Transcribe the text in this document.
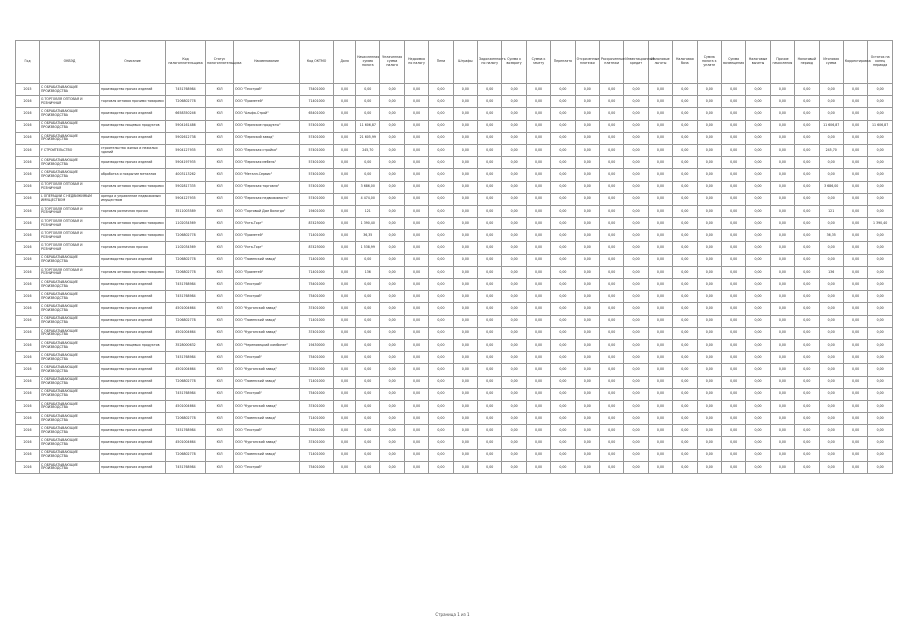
Год	ОКВЭД	Описание	Код налогоплательщика	Статус налогоплательщика	Наименование	Код ОКТМО	Доля	Начисленная сумма налога	Уплаченная сумма налога	Недоимка по налогу	Пени	Штрафы	Задолженность по налогу	Сумма к возврату	Сумма к зачету	Переплата	Отсроченные платежи	Рассроченные платежи	Инвестиционный кредит	Налоговые льготы	Налоговая база	Сумма налога к уплате	Сумма возмещения	Налоговые вычеты	Прочие начисления	Налоговый период	Итоговая сумма	Корректировка	Остаток на конец периода
2015	С ОБРАБАТЫВАЮЩИЕ ПРОИЗВОДСТВА	производство прочих изделий	7451768984	ЮЛ	ООО "Техстрой"	75401000	0,00	0,00	0,00	0,00	0,00	0,00	0,00	0,00	0,00	0,00	0,00	0,00	0,00	0,00	0,00	0,00	0,00	0,00	0,00	0,00	0,00	0,00	0,00
2016	G ТОРГОВЛЯ ОПТОВАЯ И РОЗНИЧНАЯ	торговля оптовая прочими товарами	7206802778	ЮЛ	ООО "Прометей"	71401000	0,00	0,00	0,00	0,00	0,00	0,00	0,00	0,00	0,00	0,00	0,00	0,00	0,00	0,00	0,00	0,00	0,00	0,00	0,00	0,00	0,00	0,00	0,00
2016	С ОБРАБАТЫВАЮЩИЕ ПРОИЗВОДСТВА	производство прочих изделий	6658350246	ЮЛ	ООО "Альфа-Строй"	65401000	0,00	0,00	0,00	0,00	0,00	0,00	0,00	0,00	0,00	0,00	0,00	0,00	0,00	0,00	0,00	0,00	0,00	0,00	0,00	0,00	0,00	0,00	0,00
2016	С ОБРАБАТЫВАЮЩИЕ ПРОИЗВОДСТВА	производство пищевых продуктов	5904161486	ЮЛ	ООО "Пермские продукты"	57401000	0,00	11 606,87	0,00	0,00	0,00	0,00	0,00	0,00	0,00	0,00	0,00	0,00	0,00	0,00	0,00	0,00	0,00	0,00	0,00	0,00	11 606,87	0,00	11 606,87
2016	С ОБРАБАТЫВАЮЩИЕ ПРОИЗВОДСТВА	производство прочих изделий	5902612738	ЮЛ	ООО "Пермский завод"	57401000	0,00	21 605,99	0,00	0,00	0,00	0,00	0,00	0,00	0,00	0,00	0,00	0,00	0,00	0,00	0,00	0,00	0,00	0,00	0,00	0,00	0,00	0,00	0,00
2016	F СТРОИТЕЛЬСТВО	строительство жилых и нежилых зданий	5904127935	ЮЛ	ООО "Пермская стройка"	57401000	0,00	245,70	0,00	0,00	0,00	0,00	0,00	0,00	0,00	0,00	0,00	0,00	0,00	0,00	0,00	0,00	0,00	0,00	0,00	0,00	245,70	0,00	0,00
2016	С ОБРАБАТЫВАЮЩИЕ ПРОИЗВОДСТВА	производство прочих изделий	5904197935	ЮЛ	ООО "Пермская мебель"	57401000	0,00	0,00	0,00	0,00	0,00	0,00	0,00	0,00	0,00	0,00	0,00	0,00	0,00	0,00	0,00	0,00	0,00	0,00	0,00	0,00	0,00	0,00	0,00
2016	С ОБРАБАТЫВАЮЩИЕ ПРОИЗВОДСТВА	обработка и покрытие металлов	4003113262	ЮЛ	ООО "Металл-Сервис"	57401000	0,00	0,00	0,00	0,00	0,00	0,00	0,00	0,00	0,00	0,00	0,00	0,00	0,00	0,00	0,00	0,00	0,00	0,00	0,00	0,00	0,00	0,00	0,00
2016	G ТОРГОВЛЯ ОПТОВАЯ И РОЗНИЧНАЯ	торговля оптовая прочими товарами	5902817335	ЮЛ	ООО "Пермская торговля"	57401000	0,00	3 686,00	0,00	0,00	0,00	0,00	0,00	0,00	0,00	0,00	0,00	0,00	0,00	0,00	0,00	0,00	0,00	0,00	0,00	0,00	3 686,00	0,00	0,00
2016	L ОПЕРАЦИИ С НЕДВИЖИМЫМ ИМУЩЕСТВОМ	аренда и управление недвижимым имуществом	5904127935	ЮЛ	ООО "Пермская недвижимость"	57401000	0,00	4 474,00	0,00	0,00	0,00	0,00	0,00	0,00	0,00	0,00	0,00	0,00	0,00	0,00	0,00	0,00	0,00	0,00	0,00	0,00	0,00	0,00	0,00
2016	G ТОРГОВЛЯ ОПТОВАЯ И РОЗНИЧНАЯ	торговля розничная прочая	3511003589	ЮЛ	ООО "Торговый Дом Вологда"	19401000	0,00	121	0,00	0,00	0,00	0,00	0,00	0,00	0,00	0,00	0,00	0,00	0,00	0,00	0,00	0,00	0,00	0,00	0,00	0,00	121	0,00	0,00
2016	G ТОРГОВЛЯ ОПТОВАЯ И РОЗНИЧНАЯ	торговля оптовая прочими товарами	1102034569	ЮЛ	ООО "Ухта-Торг"	87425000	0,00	1 390,40	0,00	0,00	0,00	0,00	0,00	0,00	0,00	0,00	0,00	0,00	0,00	0,00	0,00	0,00	0,00	0,00	0,00	0,00	0,00	0,00	1 390,40
2016	G ТОРГОВЛЯ ОПТОВАЯ И РОЗНИЧНАЯ	торговля оптовая прочими товарами	7206802778	ЮЛ	ООО "Прометей"	71401000	0,00	36,35	0,00	0,00	0,00	0,00	0,00	0,00	0,00	0,00	0,00	0,00	0,00	0,00	0,00	0,00	0,00	0,00	0,00	0,00	36,35	0,00	0,00
2016	G ТОРГОВЛЯ ОПТОВАЯ И РОЗНИЧНАЯ	торговля розничная прочая	1102034569	ЮЛ	ООО "Ухта-Торг"	87425000	0,00	1 538,99	0,00	0,00	0,00	0,00	0,00	0,00	0,00	0,00	0,00	0,00	0,00	0,00	0,00	0,00	0,00	0,00	0,00	0,00	0,00	0,00	0,00
2016	С ОБРАБАТЫВАЮЩИЕ ПРОИЗВОДСТВА	производство прочих изделий	7206802778	ЮЛ	ООО "Тюменский завод"	71401000	0,00	0,00	0,00	0,00	0,00	0,00	0,00	0,00	0,00	0,00	0,00	0,00	0,00	0,00	0,00	0,00	0,00	0,00	0,00	0,00	0,00	0,00	0,00
2016	G ТОРГОВЛЯ ОПТОВАЯ И РОЗНИЧНАЯ	торговля оптовая прочими товарами	7206802778	ЮЛ	ООО "Прометей"	71401000	0,00	136	0,00	0,00	0,00	0,00	0,00	0,00	0,00	0,00	0,00	0,00	0,00	0,00	0,00	0,00	0,00	0,00	0,00	0,00	136	0,00	0,00
2016	С ОБРАБАТЫВАЮЩИЕ ПРОИЗВОДСТВА	производство прочих изделий	7451768984	ЮЛ	ООО "Техстрой"	75401000	0,00	0,00	0,00	0,00	0,00	0,00	0,00	0,00	0,00	0,00	0,00	0,00	0,00	0,00	0,00	0,00	0,00	0,00	0,00	0,00	0,00	0,00	0,00
2016	С ОБРАБАТЫВАЮЩИЕ ПРОИЗВОДСТВА	производство прочих изделий	7451768984	ЮЛ	ООО "Техстрой"	75401000	0,00	0,00	0,00	0,00	0,00	0,00	0,00	0,00	0,00	0,00	0,00	0,00	0,00	0,00	0,00	0,00	0,00	0,00	0,00	0,00	0,00	0,00	0,00
2016	С ОБРАБАТЫВАЮЩИЕ ПРОИЗВОДСТВА	производство прочих изделий	4501004664	ЮЛ	ООО "Курганский завод"	37401000	0,00	0,00	0,00	0,00	0,00	0,00	0,00	0,00	0,00	0,00	0,00	0,00	0,00	0,00	0,00	0,00	0,00	0,00	0,00	0,00	0,00	0,00	0,00
2016	С ОБРАБАТЫВАЮЩИЕ ПРОИЗВОДСТВА	производство прочих изделий	7206802778	ЮЛ	ООО "Тюменский завод"	71401000	0,00	0,00	0,00	0,00	0,00	0,00	0,00	0,00	0,00	0,00	0,00	0,00	0,00	0,00	0,00	0,00	0,00	0,00	0,00	0,00	0,00	0,00	0,00
2016	С ОБРАБАТЫВАЮЩИЕ ПРОИЗВОДСТВА	производство прочих изделий	4501004664	ЮЛ	ООО "Курганский завод"	37401000	0,00	0,00	0,00	0,00	0,00	0,00	0,00	0,00	0,00	0,00	0,00	0,00	0,00	0,00	0,00	0,00	0,00	0,00	0,00	0,00	0,00	0,00	0,00
2016	С ОБРАБАТЫВАЮЩИЕ ПРОИЗВОДСТВА	производство пищевых продуктов	3528000632	ЮЛ	ООО "Череповецкий комбинат"	19430000	0,00	0,00	0,00	0,00	0,00	0,00	0,00	0,00	0,00	0,00	0,00	0,00	0,00	0,00	0,00	0,00	0,00	0,00	0,00	0,00	0,00	0,00	0,00
2016	С ОБРАБАТЫВАЮЩИЕ ПРОИЗВОДСТВА	производство прочих изделий	7451768984	ЮЛ	ООО "Техстрой"	75401000	0,00	0,00	0,00	0,00	0,00	0,00	0,00	0,00	0,00	0,00	0,00	0,00	0,00	0,00	0,00	0,00	0,00	0,00	0,00	0,00	0,00	0,00	0,00
2016	С ОБРАБАТЫВАЮЩИЕ ПРОИЗВОДСТВА	производство прочих изделий	4501004664	ЮЛ	ООО "Курганский завод"	37401000	0,00	0,00	0,00	0,00	0,00	0,00	0,00	0,00	0,00	0,00	0,00	0,00	0,00	0,00	0,00	0,00	0,00	0,00	0,00	0,00	0,00	0,00	0,00
2016	С ОБРАБАТЫВАЮЩИЕ ПРОИЗВОДСТВА	производство прочих изделий	7206802778	ЮЛ	ООО "Тюменский завод"	71401000	0,00	0,00	0,00	0,00	0,00	0,00	0,00	0,00	0,00	0,00	0,00	0,00	0,00	0,00	0,00	0,00	0,00	0,00	0,00	0,00	0,00	0,00	0,00
2016	С ОБРАБАТЫВАЮЩИЕ ПРОИЗВОДСТВА	производство прочих изделий	7451768984	ЮЛ	ООО "Техстрой"	75401000	0,00	0,00	0,00	0,00	0,00	0,00	0,00	0,00	0,00	0,00	0,00	0,00	0,00	0,00	0,00	0,00	0,00	0,00	0,00	0,00	0,00	0,00	0,00
2016	С ОБРАБАТЫВАЮЩИЕ ПРОИЗВОДСТВА	производство прочих изделий	4501004664	ЮЛ	ООО "Курганский завод"	37401000	0,00	0,00	0,00	0,00	0,00	0,00	0,00	0,00	0,00	0,00	0,00	0,00	0,00	0,00	0,00	0,00	0,00	0,00	0,00	0,00	0,00	0,00	0,00
2016	С ОБРАБАТЫВАЮЩИЕ ПРОИЗВОДСТВА	производство прочих изделий	7206802778	ЮЛ	ООО "Тюменский завод"	71401000	0,00	0,00	0,00	0,00	0,00	0,00	0,00	0,00	0,00	0,00	0,00	0,00	0,00	0,00	0,00	0,00	0,00	0,00	0,00	0,00	0,00	0,00	0,00
2016	С ОБРАБАТЫВАЮЩИЕ ПРОИЗВОДСТВА	производство прочих изделий	7451768984	ЮЛ	ООО "Техстрой"	75401000	0,00	0,00	0,00	0,00	0,00	0,00	0,00	0,00	0,00	0,00	0,00	0,00	0,00	0,00	0,00	0,00	0,00	0,00	0,00	0,00	0,00	0,00	0,00
2016	С ОБРАБАТЫВАЮЩИЕ ПРОИЗВОДСТВА	производство прочих изделий	4501004664	ЮЛ	ООО "Курганский завод"	37401000	0,00	0,00	0,00	0,00	0,00	0,00	0,00	0,00	0,00	0,00	0,00	0,00	0,00	0,00	0,00	0,00	0,00	0,00	0,00	0,00	0,00	0,00	0,00
2016	С ОБРАБАТЫВАЮЩИЕ ПРОИЗВОДСТВА	производство прочих изделий	7206802778	ЮЛ	ООО "Тюменский завод"	71401000	0,00	0,00	0,00	0,00	0,00	0,00	0,00	0,00	0,00	0,00	0,00	0,00	0,00	0,00	0,00	0,00	0,00	0,00	0,00	0,00	0,00	0,00	0,00
2016	С ОБРАБАТЫВАЮЩИЕ ПРОИЗВОДСТВА	производство прочих изделий	7451768984	ЮЛ	ООО "Техстрой"	75401000	0,00	0,00	0,00	0,00	0,00	0,00	0,00	0,00	0,00	0,00	0,00	0,00	0,00	0,00	0,00	0,00	0,00	0,00	0,00	0,00	0,00	0,00	0,00
Страница 1 из 1
